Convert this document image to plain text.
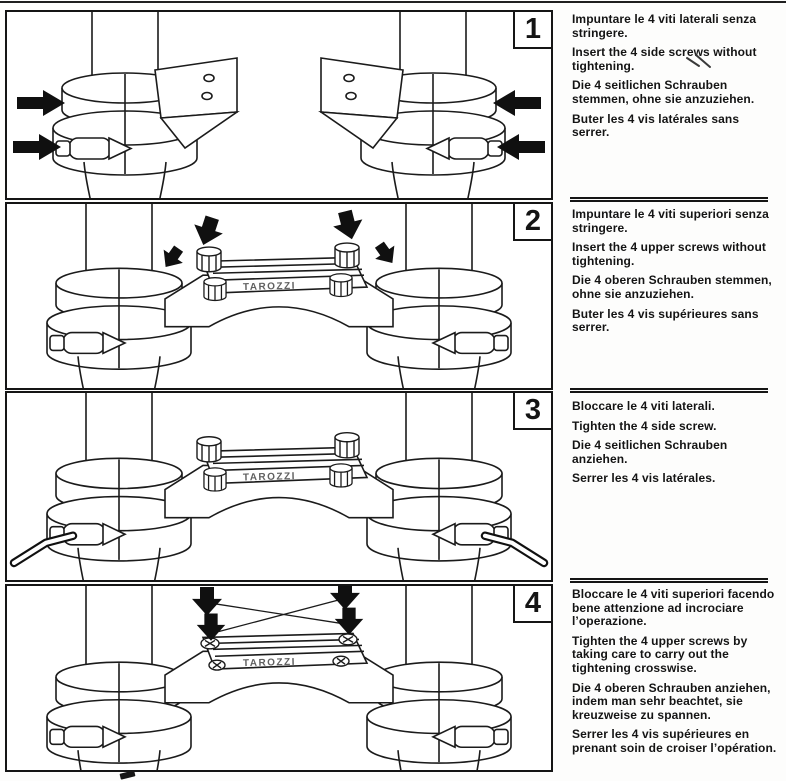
1
TAROZZI
2
TAROZZI
3
TAROZZI
4

Impuntare le 4 viti laterali senza stringere.

Insert the 4 side screws without tightening.

Die 4 seitlichen Schrauben stemmen, ohne sie anzuziehen.

Buter les 4 vis latérales sans serrer.

Impuntare le 4 viti superiori senza stringere.

Insert the 4 upper screws without tightening.

Die 4 oberen Schrauben stemmen, ohne sie anzuziehen.

Buter les 4 vis supérieures sans serrer.

Bloccare le 4 viti laterali.

Tighten the 4 side screw.

Die 4 seitlichen Schrauben anziehen.

Serrer les 4 vis latérales.

Bloccare le 4 viti superiori facendo bene attenzione ad incrociare l’operazione.

Tighten the 4 upper screws by taking care to carry out the tightening crosswise.

Die 4 oberen Schrauben anziehen, indem man sehr beachtet, sie kreuzweise zu spannen.

Serrer les 4 vis supérieures en prenant soin de croiser l’opération.
